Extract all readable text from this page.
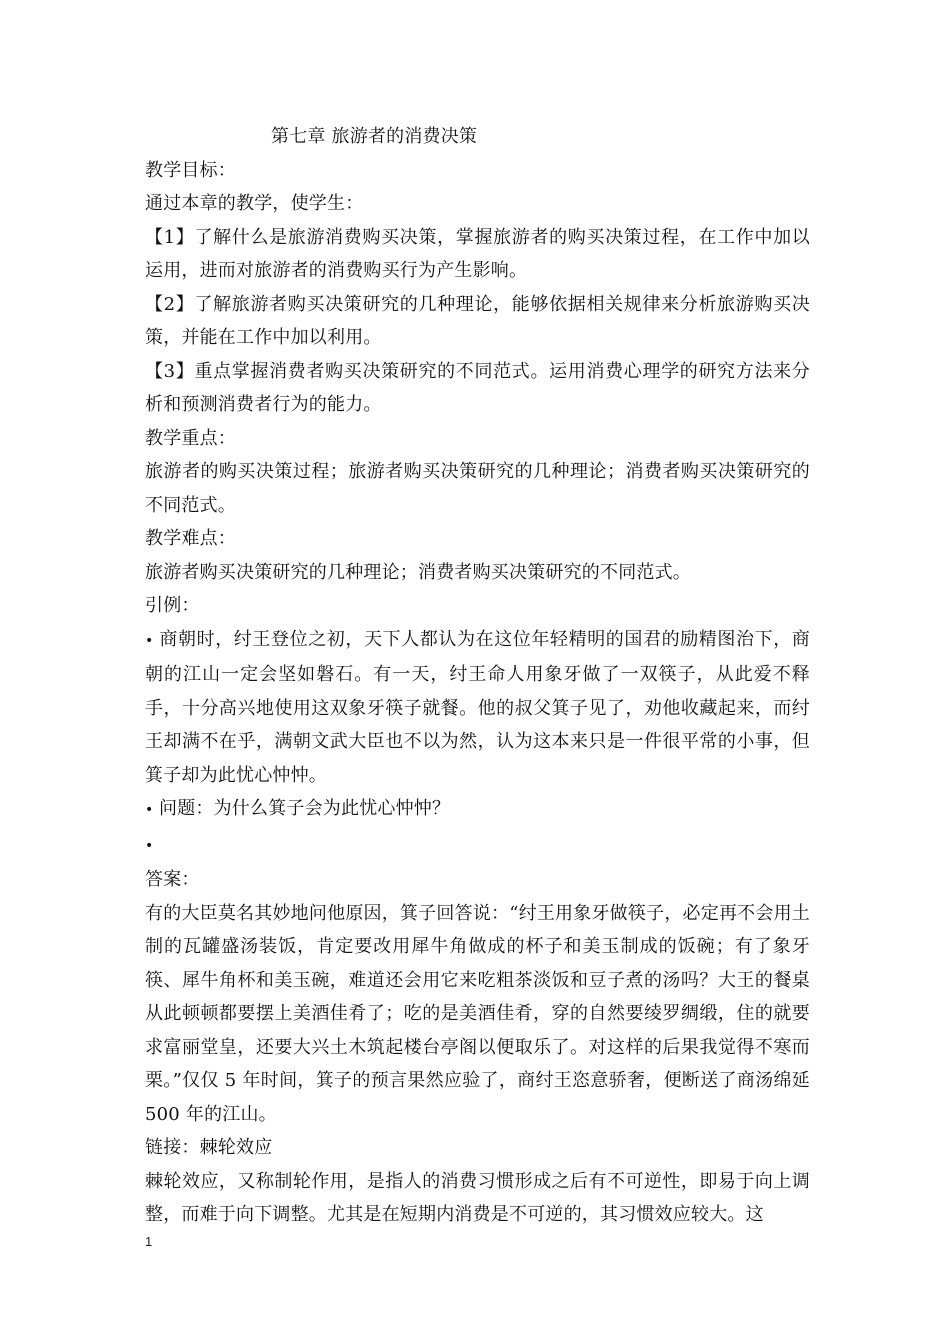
第七章 旅游者的消费决策

教学目标：

通过本章的教学，使学生：

【1】了解什么是旅游消费购买决策，掌握旅游者的购买决策过程，在工作中加以运用，进而对旅游者的消费购买行为产生影响。

【2】了解旅游者购买决策研究的几种理论，能够依据相关规律来分析旅游购买决策，并能在工作中加以利用。

【3】重点掌握消费者购买决策研究的不同范式。运用消费心理学的研究方法来分析和预测消费者行为的能力。

教学重点：

旅游者的购买决策过程；旅游者购买决策研究的几种理论；消费者购买决策研究的不同范式。

教学难点：

旅游者购买决策研究的几种理论；消费者购买决策研究的不同范式。

引例：

• 商朝时，纣王登位之初，天下人都认为在这位年轻精明的国君的励精图治下，商朝的江山一定会坚如磐石。有一天，纣王命人用象牙做了一双筷子，从此爱不释手，十分高兴地使用这双象牙筷子就餐。他的叔父箕子见了，劝他收藏起来，而纣王却满不在乎，满朝文武大臣也不以为然，认为这本来只是一件很平常的小事，但箕子却为此忧心忡忡。

• 问题：为什么箕子会为此忧心忡忡？

•

答案：

有的大臣莫名其妙地问他原因，箕子回答说：“纣王用象牙做筷子，必定再不会用土制的瓦罐盛汤装饭，肯定要改用犀牛角做成的杯子和美玉制成的饭碗；有了象牙筷、犀牛角杯和美玉碗，难道还会用它来吃粗茶淡饭和豆子煮的汤吗？大王的餐桌从此顿顿都要摆上美酒佳肴了；吃的是美酒佳肴，穿的自然要绫罗绸缎，住的就要求富丽堂皇，还要大兴土木筑起楼台亭阁以便取乐了。对这样的后果我觉得不寒而栗。”仅仅 5 年时间，箕子的预言果然应验了，商纣王恣意骄奢，便断送了商汤绵延 500 年的江山。

链接：棘轮效应

棘轮效应，又称制轮作用，是指人的消费习惯形成之后有不可逆性，即易于向上调整，而难于向下调整。尤其是在短期内消费是不可逆的，其习惯效应较大。这

1
